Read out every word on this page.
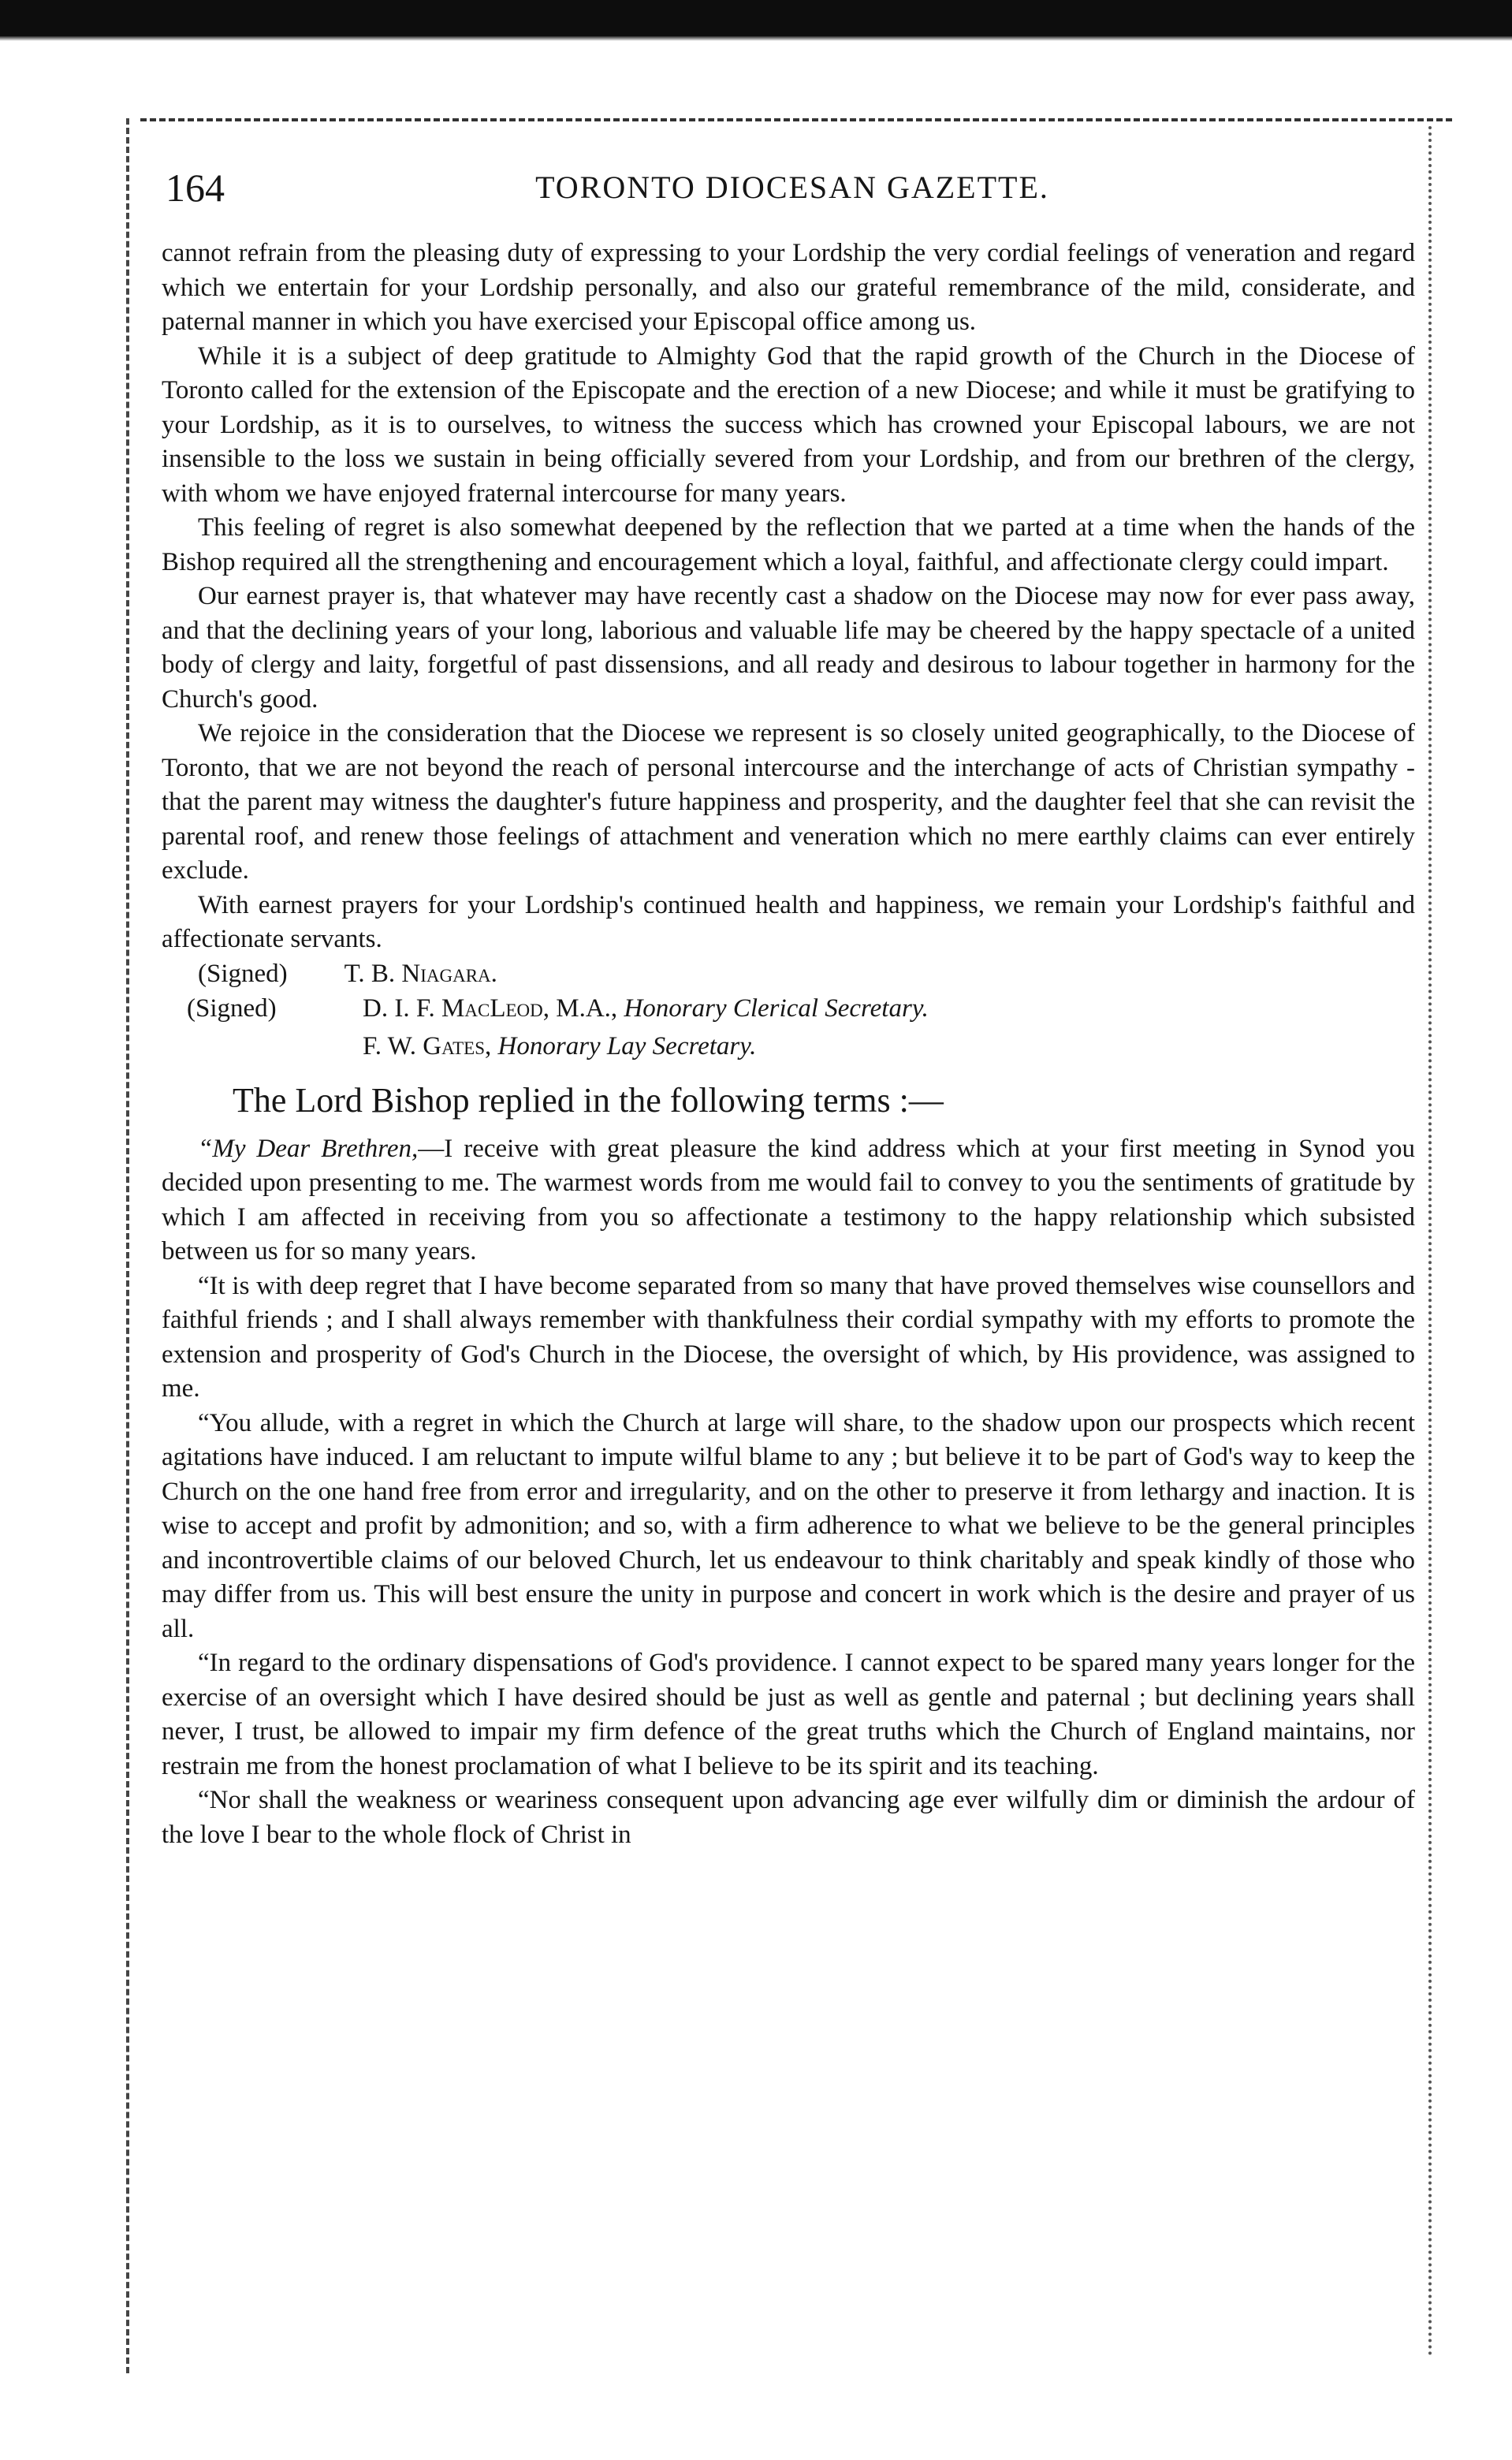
164	TORONTO DIOCESAN GAZETTE.

cannot refrain from the pleasing duty of expressing to your Lordship the very cordial feelings of veneration and regard which we entertain for your Lordship personally, and also our grateful remembrance of the mild, considerate, and paternal manner in which you have exercised your Episcopal office among us.

While it is a subject of deep gratitude to Almighty God that the rapid growth of the Church in the Diocese of Toronto called for the extension of the Episcopate and the erection of a new Diocese; and while it must be gratifying to your Lordship, as it is to ourselves, to witness the success which has crowned your Episcopal labours, we are not insensible to the loss we sustain in being officially severed from your Lordship, and from our brethren of the clergy, with whom we have enjoyed fraternal intercourse for many years.

This feeling of regret is also somewhat deepened by the reflection that we parted at a time when the hands of the Bishop required all the strengthening and encouragement which a loyal, faithful, and affectionate clergy could impart.

Our earnest prayer is, that whatever may have recently cast a shadow on the Diocese may now for ever pass away, and that the declining years of your long, laborious and valuable life may be cheered by the happy spectacle of a united body of clergy and laity, forgetful of past dissensions, and all ready and desirous to labour together in harmony for the Church's good.

We rejoice in the consideration that the Diocese we represent is so closely united geographically, to the Diocese of Toronto, that we are not beyond the reach of personal intercourse and the interchange of acts of Christian sympathy - that the parent may witness the daughter's future happiness and prosperity, and the daughter feel that she can revisit the parental roof, and renew those feelings of attachment and veneration which no mere earthly claims can ever entirely exclude.

With earnest prayers for your Lordship's continued health and happiness, we remain your Lordship's faithful and affectionate servants.

(Signed) T. B. Niagara.

(Signed)	D. I. F. MacLeod, M.A., Honorary Clerical Secretary.
F. W. Gates, Honorary Lay Secretary.

The Lord Bishop replied in the following terms :—

“My Dear Brethren,—I receive with great pleasure the kind address which at your first meeting in Synod you decided upon presenting to me. The warmest words from me would fail to convey to you the sentiments of gratitude by which I am affected in receiving from you so affectionate a testimony to the happy relationship which subsisted between us for so many years.

“It is with deep regret that I have become separated from so many that have proved themselves wise counsellors and faithful friends ; and I shall always remember with thankfulness their cordial sympathy with my efforts to promote the extension and prosperity of God's Church in the Diocese, the oversight of which, by His providence, was assigned to me.

“You allude, with a regret in which the Church at large will share, to the shadow upon our prospects which recent agitations have induced. I am reluctant to impute wilful blame to any ; but believe it to be part of God's way to keep the Church on the one hand free from error and irregularity, and on the other to preserve it from lethargy and inaction. It is wise to accept and profit by admonition; and so, with a firm adherence to what we believe to be the general principles and incontrovertible claims of our beloved Church, let us endeavour to think charitably and speak kindly of those who may differ from us. This will best ensure the unity in purpose and concert in work which is the desire and prayer of us all.

“In regard to the ordinary dispensations of God's providence. I cannot expect to be spared many years longer for the exercise of an oversight which I have desired should be just as well as gentle and paternal ; but declining years shall never, I trust, be allowed to impair my firm defence of the great truths which the Church of England maintains, nor restrain me from the honest proclamation of what I believe to be its spirit and its teaching.

“Nor shall the weakness or weariness consequent upon advancing age ever wilfully dim or diminish the ardour of the love I bear to the whole flock of Christ in
